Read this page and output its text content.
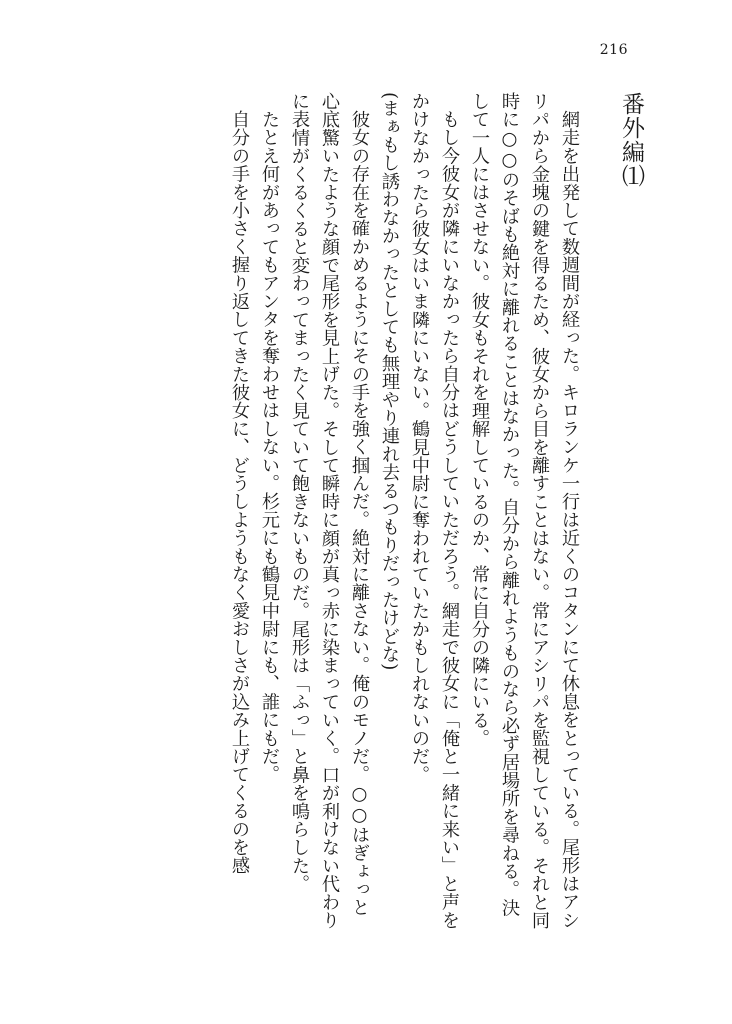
216
番外編⑴

網走を出発して数週間が経った。キロランケ一行は近くのコタンにて休息をとっている。尾形はアシリパから金塊の鍵を得るため、彼女から目を離すことはない。常にアシリパを監視している。それと同時に○○のそばも絶対に離れることはなかった。自分から離れようものなら必ず居場所を尋ねる。決して一人にはさせない。彼女もそれを理解しているのか、常に自分の隣にいる。

もし今彼女が隣にいなかったら自分はどうしていただろう。網走で彼女に「俺と一緒に来い」と声をかけなかったら彼女はいま隣にいない。鶴見中尉に奪われていたかもしれないのだ。

(まぁもし誘わなかったとしても無理やり連れ去るつもりだったけどな)

彼女の存在を確かめるようにその手を強く掴んだ。絶対に離さない。俺のモノだ。○○はぎょっと心底驚いたような顔で尾形を見上げた。そして瞬時に顔が真っ赤に染まっていく。口が利けない代わりに表情がくるくると変わってまったく見ていて飽きないものだ。尾形は「ふっ」と鼻を鳴らした。

たとえ何があってもアンタを奪わせはしない。杉元にも鶴見中尉にも、誰にもだ。

自分の手を小さく握り返してきた彼女に、どうしようもなく愛おしさが込み上げてくるのを感
